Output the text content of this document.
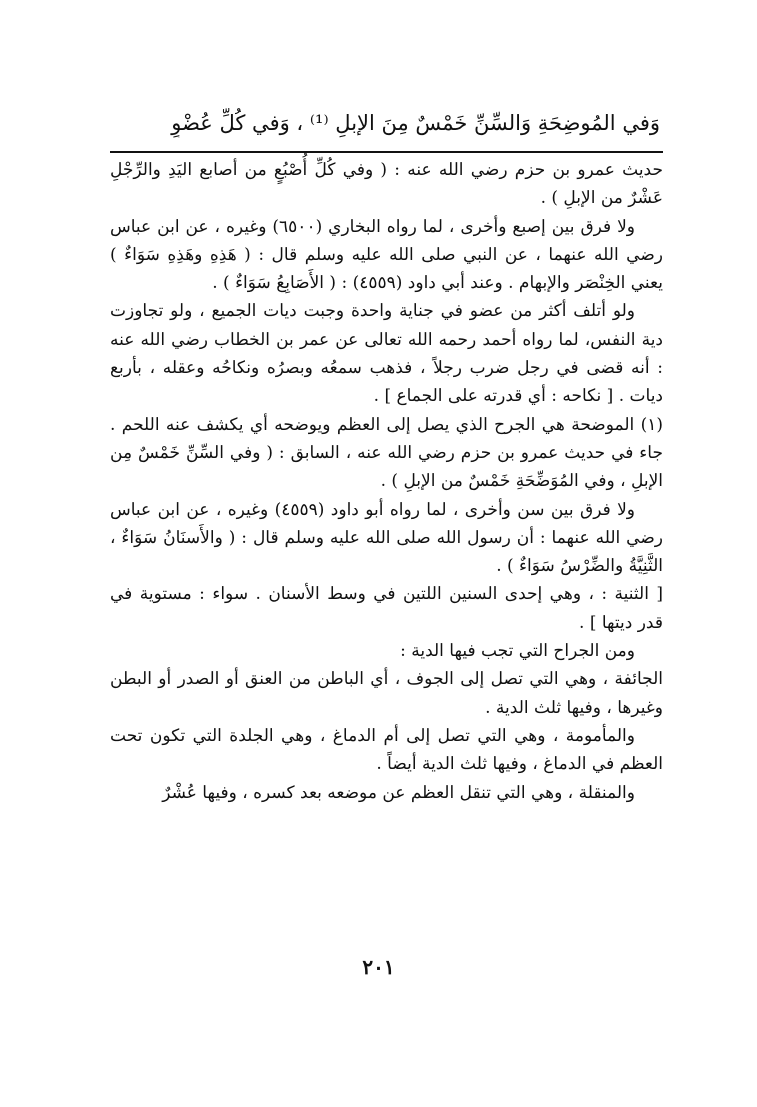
وَفي المُوضِحَةِ وَالسِّنِّ خَمْسٌ مِنَ الإبلِ ⁽¹⁾ ، وَفي كُلِّ عُضْوٍ

حديث عمرو بن حزم رضي الله عنه : ( وفي كُلِّ أُصْبُعٍ من أصابع اليَدِ والرِّجْلِ عَشْرٌ من الإبلِ ) .

ولا فرق بين إصبع وأخرى ، لما رواه البخاري (٦٥٠٠) وغيره ، عن ابن عباس رضي الله عنهما ، عن النبي صلى الله عليه وسلم قال : ( هَذِهِ وهَذِهِ سَوَاءٌ ) يعني الخِنْصَر والإبهام . وعند أبي داود (٤٥٥٩) : ( الأَصَابِعُ سَوَاءٌ ) .

ولو أتلف أكثر من عضو في جناية واحدة وجبت ديات الجميع ، ولو تجاوزت دية النفس، لما رواه أحمد رحمه الله تعالى عن عمر بن الخطاب رضي الله عنه : أنه قضى في رجل ضرب رجلاً ، فذهب سمعُه وبصرُه ونكاحُه وعقله ، بأربع ديات . [ نكاحه : أي قدرته على الجماع ] .

(١) الموضحة هي الجرح الذي يصل إلى العظم ويوضحه أي يكشف عنه اللحم . جاء في حديث عمرو بن حزم رضي الله عنه ، السابق : ( وفي السِّنِّ خَمْسٌ مِن الإبلِ ، وفي المُوَضِّحَةِ خَمْسٌ من الإبلِ ) .

ولا فرق بين سن وأخرى ، لما رواه أبو داود (٤٥٥٩) وغيره ، عن ابن عباس رضي الله عنهما : أن رسول الله صلى الله عليه وسلم قال : ( والأَسنَانُ سَوَاءٌ ، الثَّنِيَّةُ والضِّرْسُ سَوَاءٌ ) .

[ الثنية : ، وهي إحدى السنين اللتين في وسط الأسنان . سواء : مستوية في قدر ديتها ] .

ومن الجراح التي تجب فيها الدية :

الجائفة ، وهي التي تصل إلى الجوف ، أي الباطن من العنق أو الصدر أو البطن وغيرها ، وفيها ثلث الدية .

والمأمومة ، وهي التي تصل إلى أم الدماغ ، وهي الجلدة التي تكون تحت العظم في الدماغ ، وفيها ثلث الدية أيضاً .

والمنقلة ، وهي التي تنقل العظم عن موضعه بعد كسره ، وفيها عُشْرٌ

٢٠١
